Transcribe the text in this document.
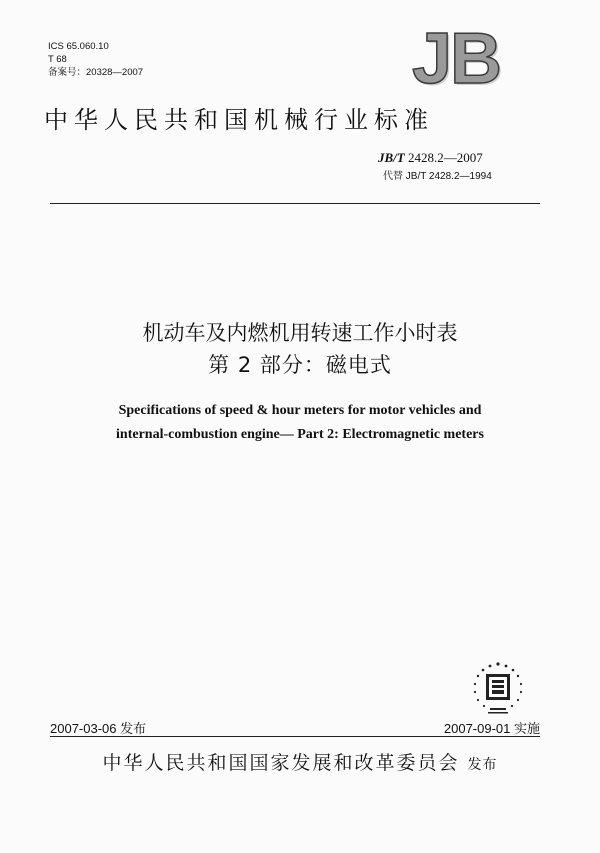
ICS 65.060.10
T 68
备案号：20328—2007	JB
中华人民共和国机械行业标准
JB/T 2428.2—2007
代替 JB/T 2428.2—1994
机动车及内燃机用转速工作小时表
第 2 部分：磁电式
Specifications of speed & hour meters for motor vehicles and
internal-combustion engine— Part 2: Electromagnetic meters
2007-03-06 发布	2007-09-01 实施
中华人民共和国国家发展和改革委员会 发布
